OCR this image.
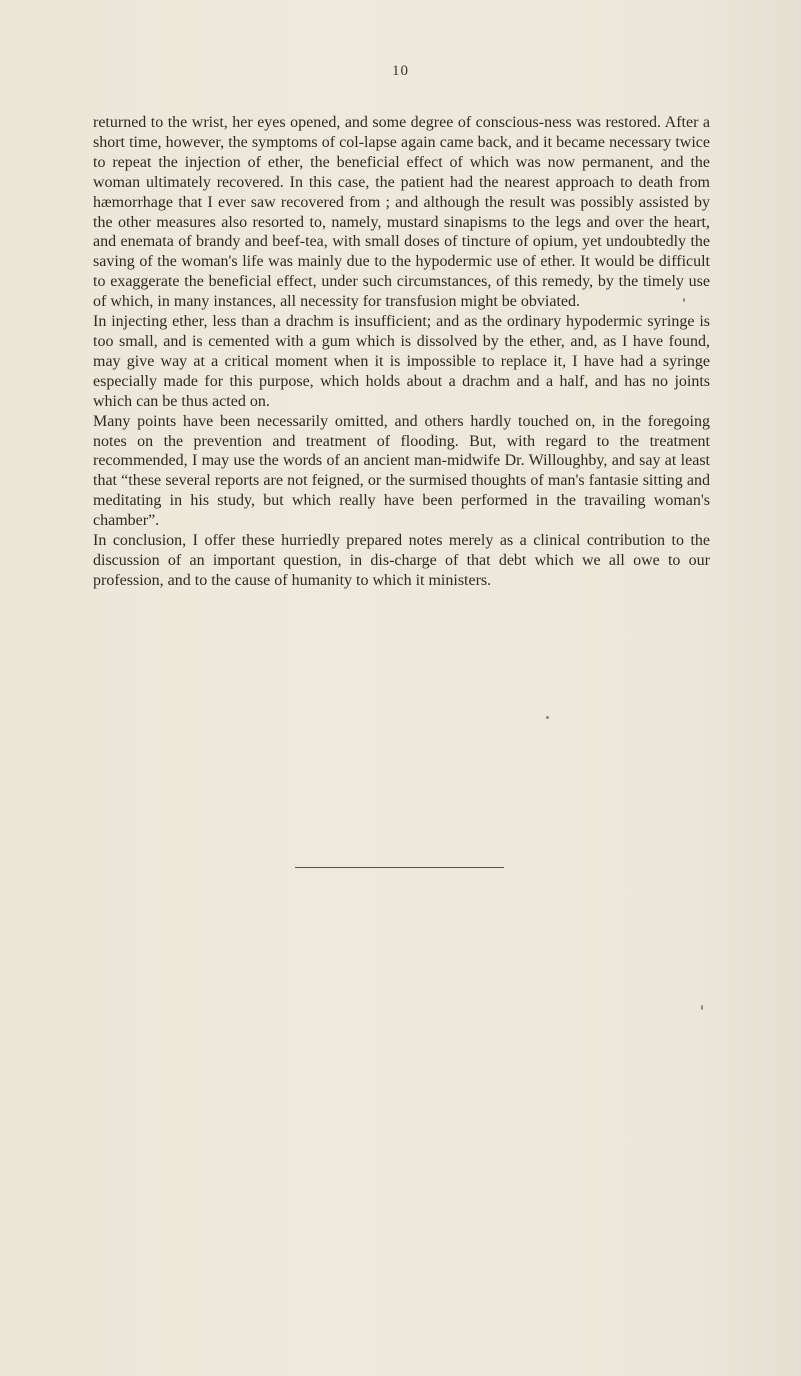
10

returned to the wrist, her eyes opened, and some degree of conscious-ness was restored. After a short time, however, the symptoms of col-lapse again came back, and it became necessary twice to repeat the injection of ether, the beneficial effect of which was now permanent, and the woman ultimately recovered. In this case, the patient had the nearest approach to death from hæmorrhage that I ever saw recovered from ; and although the result was possibly assisted by the other measures also resorted to, namely, mustard sinapisms to the legs and over the heart, and enemata of brandy and beef-tea, with small doses of tincture of opium, yet undoubtedly the saving of the woman's life was mainly due to the hypodermic use of ether. It would be difficult to exaggerate the beneficial effect, under such circumstances, of this remedy, by the timely use of which, in many instances, all necessity for transfusion might be obviated.

In injecting ether, less than a drachm is insufficient; and as the ordinary hypodermic syringe is too small, and is cemented with a gum which is dissolved by the ether, and, as I have found, may give way at a critical moment when it is impossible to replace it, I have had a syringe especially made for this purpose, which holds about a drachm and a half, and has no joints which can be thus acted on.

Many points have been necessarily omitted, and others hardly touched on, in the foregoing notes on the prevention and treatment of flooding. But, with regard to the treatment recommended, I may use the words of an ancient man-midwife Dr. Willoughby, and say at least that “these several reports are not feigned, or the surmised thoughts of man's fantasie sitting and meditating in his study, but which really have been performed in the travailing woman's chamber”.

In conclusion, I offer these hurriedly prepared notes merely as a clinical contribution to the discussion of an important question, in dis-charge of that debt which we all owe to our profession, and to the cause of humanity to which it ministers.
